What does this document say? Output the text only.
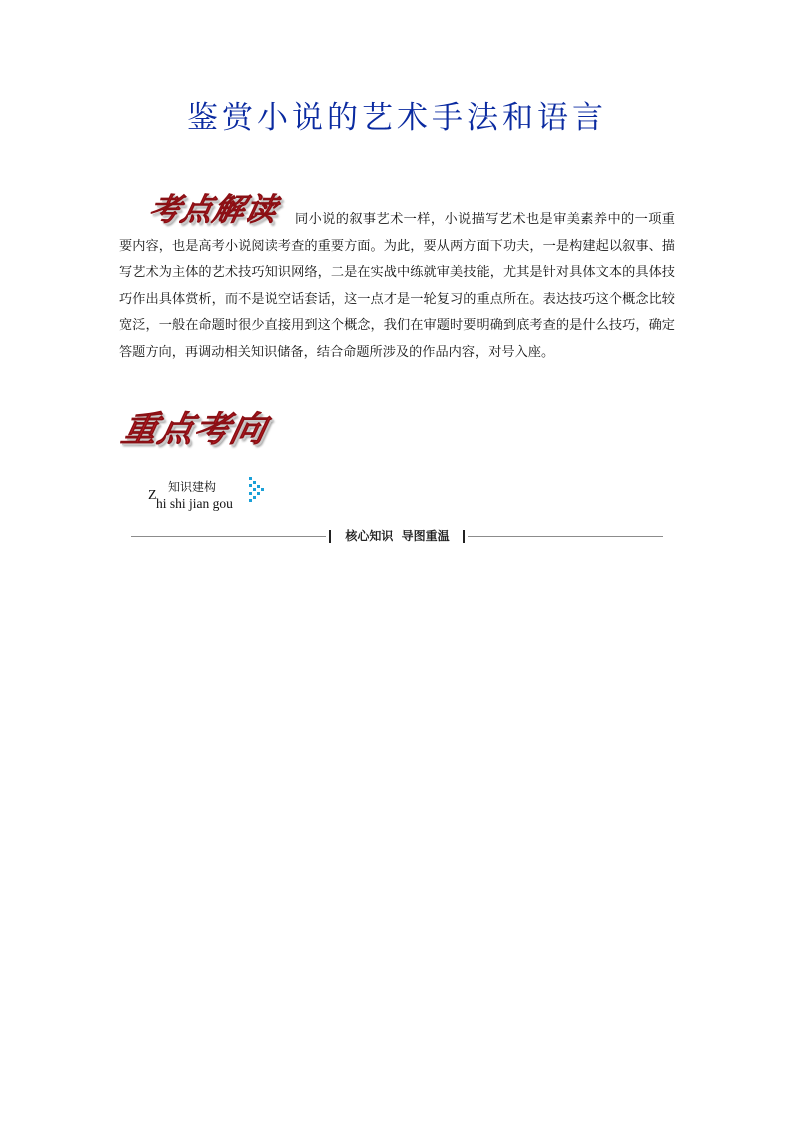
鉴赏小说的艺术手法和语言
考点解读	同小说的叙事艺术一样，小说描写艺术也是审美素养中的一项重要内容，也是高考小说阅读考查的重要方面。为此，要从两方面下功夫，一是构建起以叙事、描写艺术为主体的艺术技巧知识网络，二是在实战中练就审美技能，尤其是针对具体文本的具体技巧作出具体赏析，而不是说空话套话，这一点才是一轮复习的重点所在。表达技巧这个概念比较宽泛，一般在命题时很少直接用到这个概念，我们在审题时要明确到底考查的是什么技巧，确定答题方向，再调动相关知识储备，结合命题所涉及的作品内容，对号入座。
重点考向
知识建构
Z
hi shi jian gou
核心知识  导图重温
